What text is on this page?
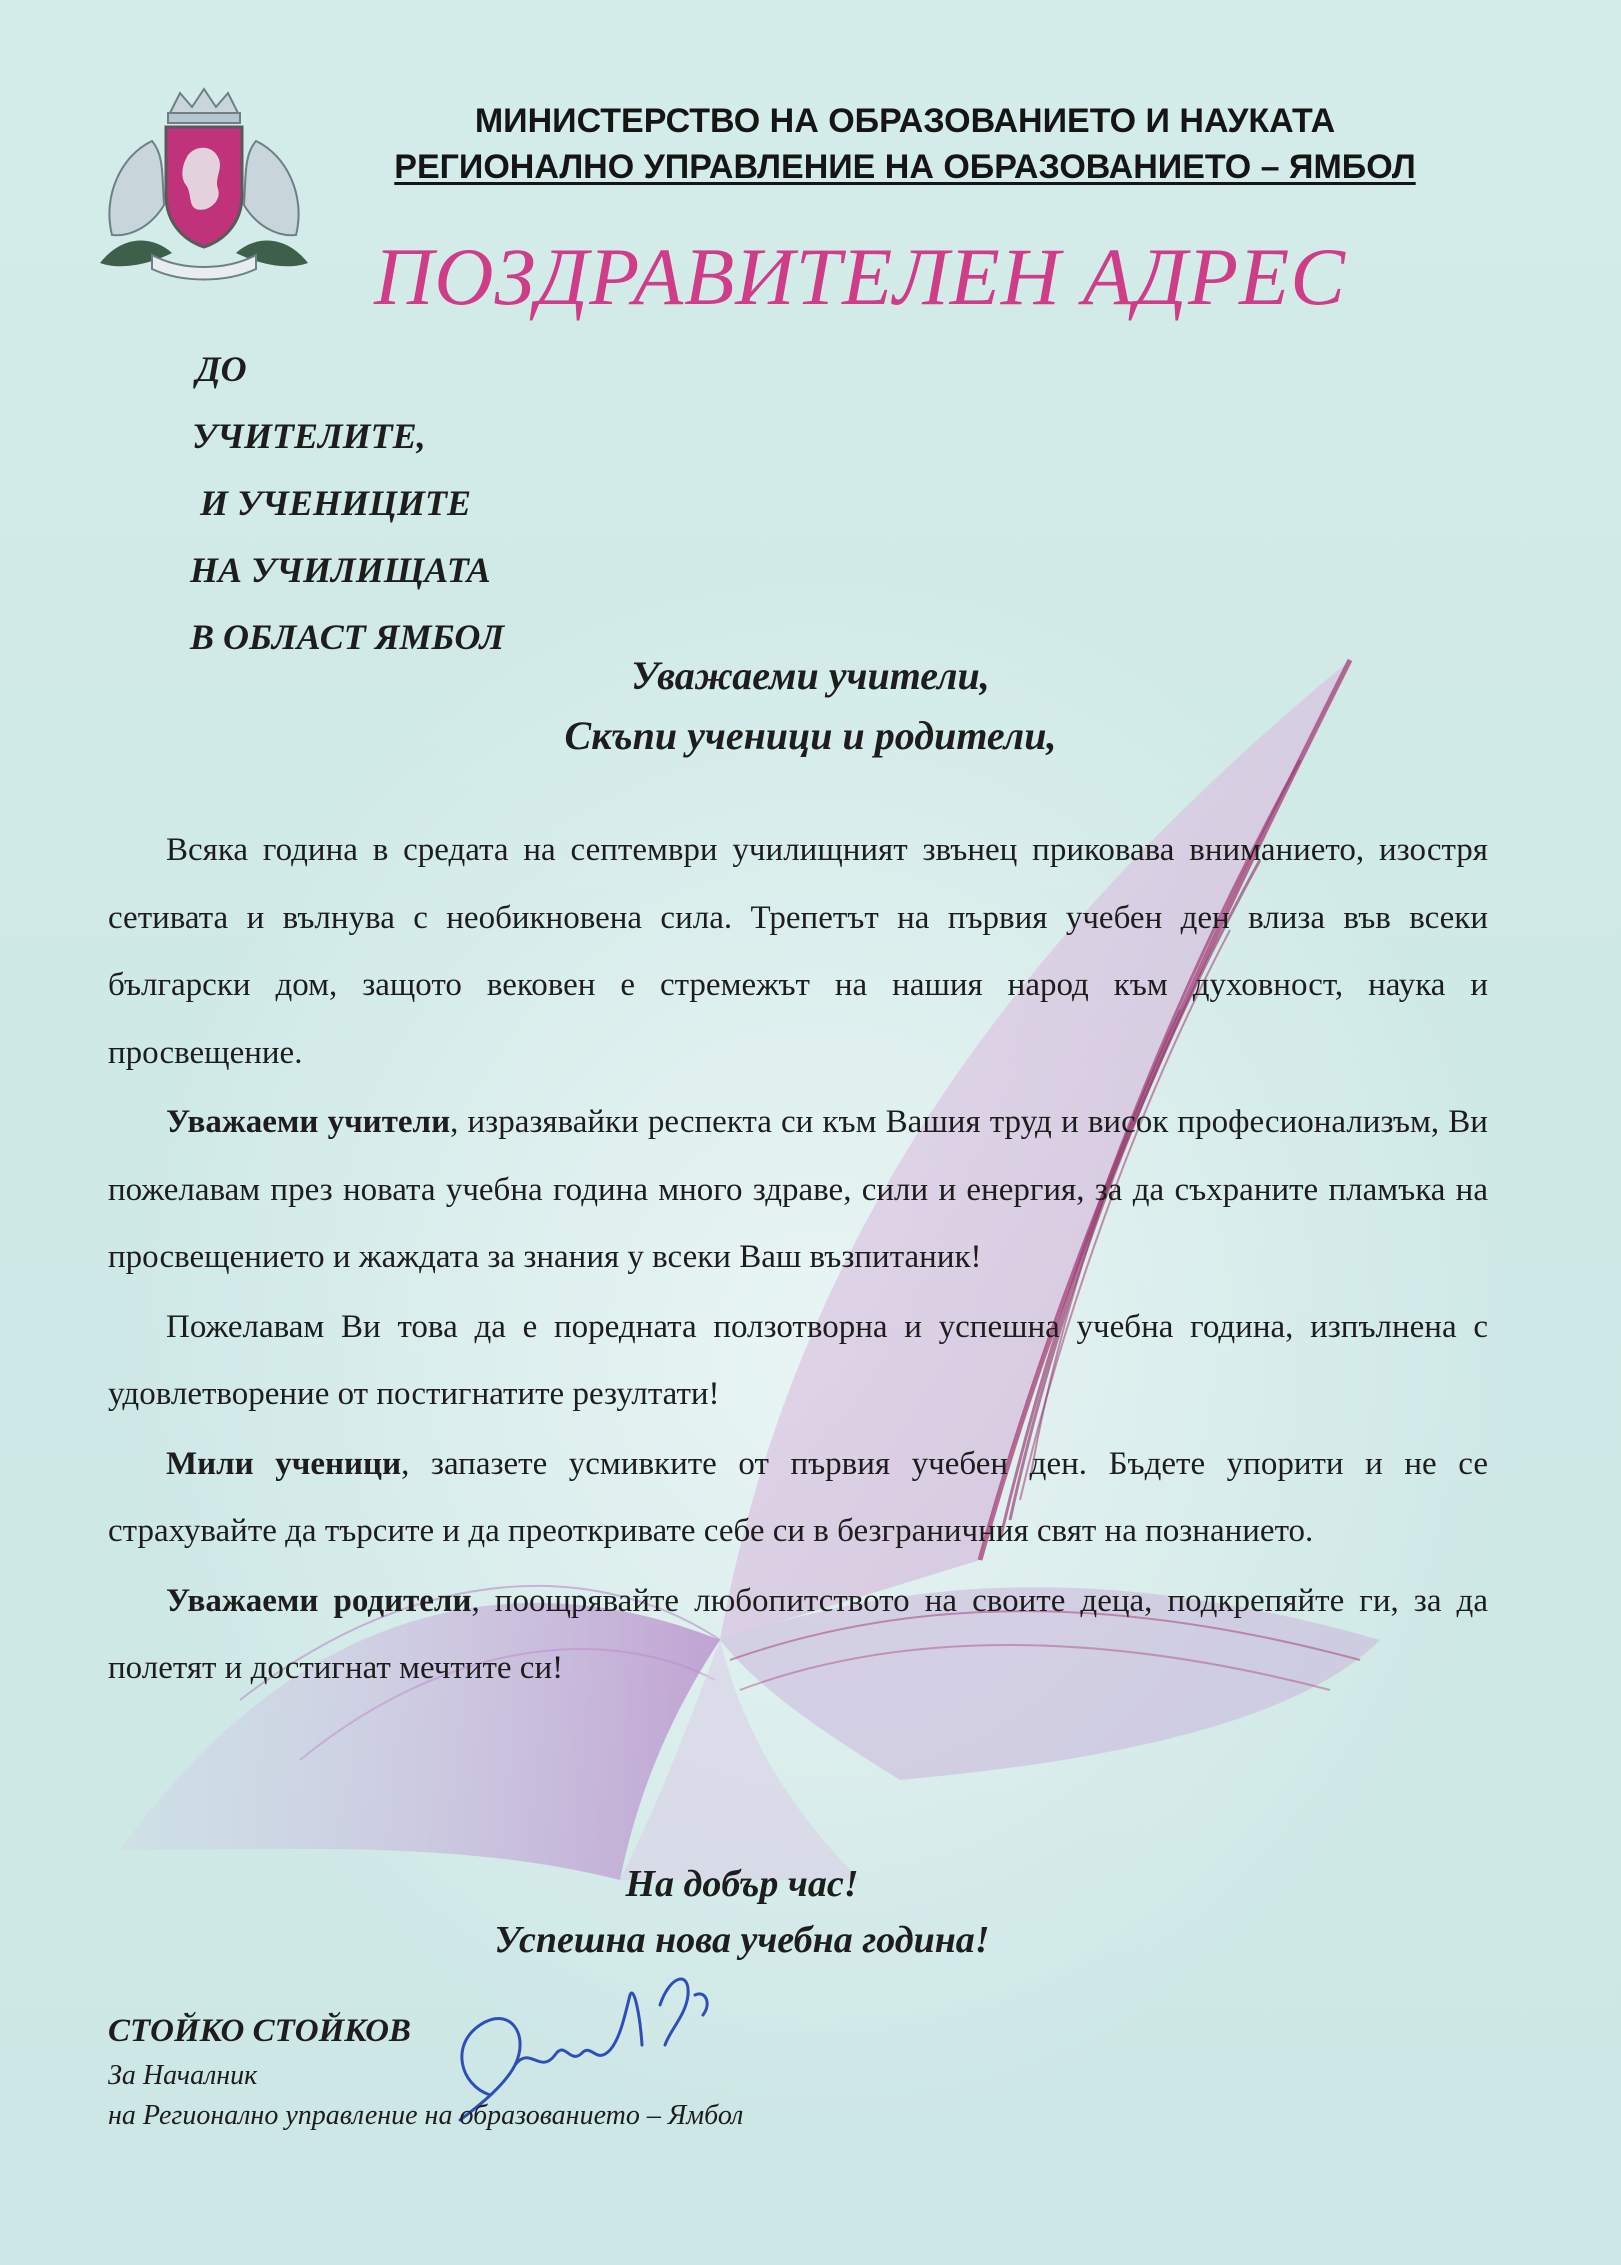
МИНИСТЕРСТВО НА ОБРАЗОВАНИЕТО И НАУКАТА
РЕГИОНАЛНО УПРАВЛЕНИЕ НА ОБРАЗОВАНИЕТО – ЯМБОЛ
ПОЗДРАВИТЕЛЕН АДРЕС
ДО
УЧИТЕЛИТЕ,
И УЧЕНИЦИТЕ
НА УЧИЛИЩАТА
В ОБЛАСТ ЯМБОЛ

Уважаеми учители,

Скъпи ученици и родители,

Всяка година в средата на септември училищният звънец приковава вниманието, изостря сетивата и вълнува с необикновена сила. Трепетът на първия учебен ден влиза във всеки български дом, защото вековен е стремежът на нашия народ към духовност, наука и просвещение.

Уважаеми учители, изразявайки респекта си към Вашия труд и висок професионализъм, Ви пожелавам през новата учебна година много здраве, сили и енергия, за да съхраните пламъка на просвещението и жаждата за знания у всеки Ваш възпитаник!

Пожелавам Ви това да е поредната ползотворна и успешна учебна година, изпълнена с удовлетворение от постигнатите резултати!

Мили ученици, запазете усмивките от първия учебен ден. Бъдете упорити и не се страхувайте да търсите и да преоткривате себе си в безграничния свят на познанието.

Уважаеми родители, поощрявайте любопитството на своите деца, подкрепяйте ги, за да полетят и достигнат мечтите си!

На добър час!

Успешна нова учебна година!

СТОЙКО СТОЙКОВ

За Началник

на Регионално управление на образованието – Ямбол
